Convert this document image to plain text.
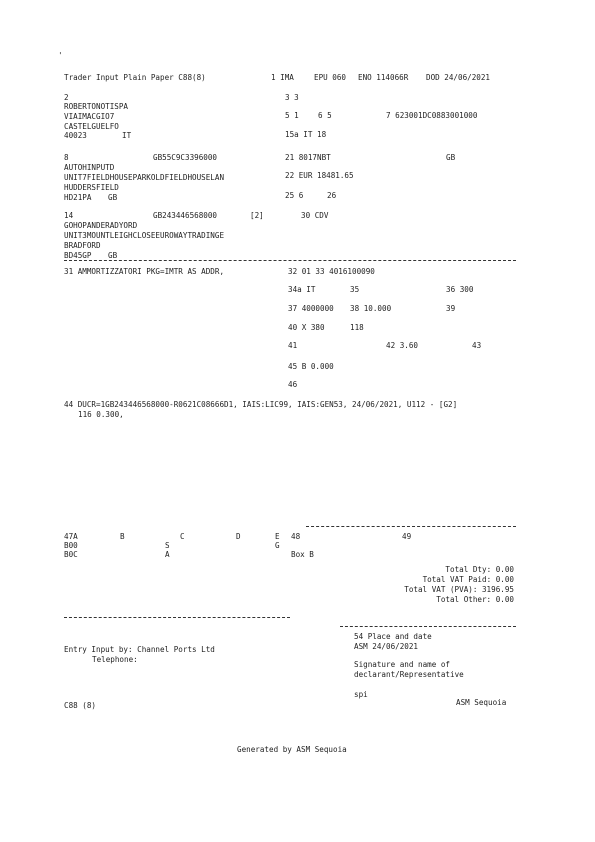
'
Trader Input Plain Paper C88(8)	1 IMA	EPU 060 ENO 114066R DOD 24/06/2021
2
ROBERTONOTISPA
VIAIMACGIO7
CASTELGUELFO
40023	IT
3 3
5 1	6 5	7 623001DC0883001000
15a IT 18
8	GB55C9C3396000
AUTOHINPUTD
UNIT7FIELDHOUSEPARKOLDFIELDHOUSELAN
HUDDERSFIELD
HD21PA GB
21 8017NBT	GB
22 EUR 18481.65
25 6	26
14	GB243446568000	[2]
GOHOPANDERADYORD
UNIT3MOUNTLEIGHCLOSEEUROWAYTRADINGE
BRADFORD
BD45GP GB
30 CDV
31 AMMORTIZZATORI PKG=IMTR AS ADDR,	32 01 33 4016100090
34a IT	35	36 300
37 4000000 38 10.000	39
40 X 380	118
41	42 3.60	43
45 B 0.000
46
44 DUCR=1GB243446568000-R0621C08666D1, IAIS:LIC99, IAIS:GEN53, 24/06/2021, U112 - [G2]
116 0.300,
47A	B	C	D	E 48	49
B00	S	G
B0C	A	Box B
Total Dty: 0.00
Total VAT Paid: 0.00
Total VAT (PVA): 3196.95
Total Other: 0.00
Entry Input by: Channel Ports Ltd
Telephone:
54 Place and date
ASM 24/06/2021
Signature and name of
declarant/Representative
spi
ASM Sequoia
C88 (8)
Generated by ASM Sequoia
